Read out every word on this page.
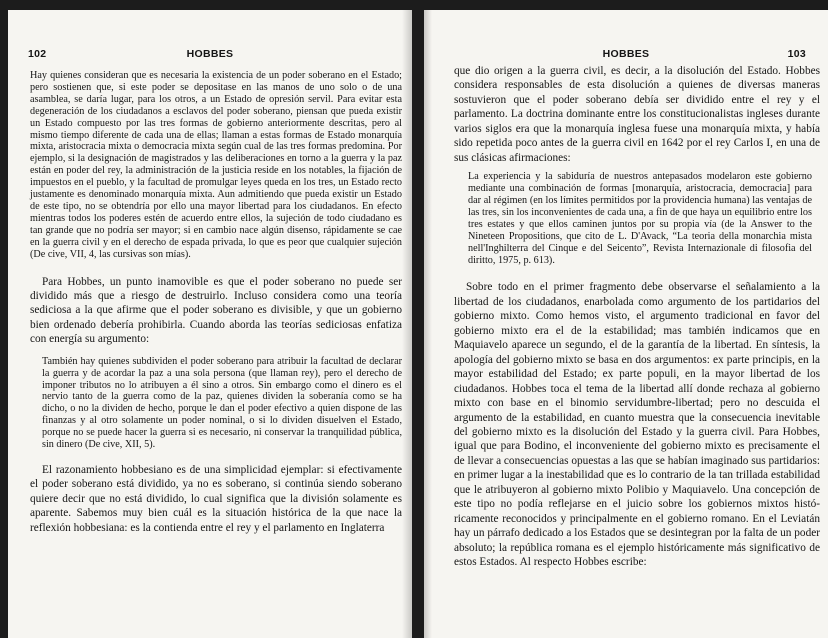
102	HOBBES

Hay quienes consideran que es necesaria la existencia de un poder soberano en el Estado; pero sostienen que, si este poder se depositase en las manos de uno solo o de una asamblea, se daría lugar, para los otros, a un Estado de opresión servil. Para evitar esta degeneración de los ciudadanos a esclavos del poder soberano, piensan que pueda existir un Estado compuesto por las tres formas de gobierno anteriormente descritas, pero al mismo tiempo diferente de cada una de ellas; llaman a estas formas de Estado monarquía mixta, aristocracia mixta o democracia mixta según cual de las tres formas predomina. Por ejemplo, si la designación de magistrados y las deliberaciones en torno a la guerra y la paz están en poder del rey, la administración de la justicia reside en los notables, la fijación de impuestos en el pueblo, y la facultad de promulgar leyes queda en los tres, un Estado recto justamente es denominado monarquía mixta. Aun admitiendo que pueda existir un Estado de este tipo, no se obtendría por ello una mayor libertad para los ciudadanos. En efecto mientras todos los poderes estén de acuerdo entre ellos, la sujeción de todo ciudadano es tan grande que no podría ser mayor; si en cambio nace algún disenso, rápidamente se cae en la guerra civil y en el derecho de espada privada, lo que es peor que cualquier sujeción (De cive, VII, 4, las cursivas son mías).

Para Hobbes, un punto inamovible es que el poder soberano no puede ser dividido más que a riesgo de destruirlo. Incluso considera como una teoría sediciosa a la que afirme que el poder soberano es divisible, y que un gobierno bien ordenado debería prohibirla. Cuando aborda las teorías sediciosas enfatiza con energía su argumento:

También hay quienes subdividen el poder soberano para atribuir la facultad de declarar la guerra y de acordar la paz a una sola persona (que llaman rey), pero el derecho de imponer tributos no lo atribuyen a él sino a otros. Sin embargo como el dinero es el nervio tanto de la guerra como de la paz, quienes dividen la soberanía como se ha dicho, o no la dividen de hecho, porque le dan el poder efectivo a quien dispone de las finanzas y al otro solamente un poder nominal, o si lo dividen disuelven el Estado, porque no se puede hacer la guerra si es necesario, ni conservar la tranquilidad pública, sin dinero (De cive, XII, 5).

El razonamiento hobbesiano es de una simplicidad ejemplar: si efectivamente el poder soberano está dividido, ya no es soberano, si continúa siendo soberano quiere decir que no está dividido, lo cual significa que la división solamente es aparente. Sabemos muy bien cuál es la situación histórica de la que nace la reflexión hobbesiana: es la contienda entre el rey y el parlamento en Inglaterra

HOBBES	103

que dio origen a la guerra civil, es decir, a la disolución del Estado. Hobbes considera responsables de esta disolución a quienes de diversas maneras sostuvieron que el poder soberano debía ser dividido entre el rey y el parlamento. La doctrina dominante entre los constitucionalistas ingleses durante varios siglos era que la monarquía inglesa fuese una monarquía mixta, y había sido repetida poco antes de la guerra civil en 1642 por el rey Carlos I, en una de sus clásicas afirmaciones:

La experiencia y la sabiduría de nuestros antepasados modelaron este gobierno mediante una combinación de formas [monarquía, aristocracia, democracia] para dar al régimen (en los límites permitidos por la providencia humana) las ventajas de las tres, sin los inconvenientes de cada una, a fin de que haya un equilibrio entre los tres estates y que ellos caminen juntos por su propia vía (de la Answer to the Nineteen Propositions, que cito de L. D'Avack, “La teoria della monarchia mista nell'Inghilterra del Cinque e del Seicento”, Revista Internazionale di filosofia del diritto, 1975, p. 613).

Sobre todo en el primer fragmento debe observarse el señalamiento a la libertad de los ciudadanos, enarbolada como argumento de los partidarios del gobierno mixto. Como hemos visto, el argumento tradicional en favor del gobierno mixto era el de la estabilidad; mas también indicamos que en Maquiavelo aparece un segundo, el de la garantía de la libertad. En síntesis, la apología del gobierno mixto se basa en dos argumentos: ex parte principis, en la mayor estabilidad del Estado; ex parte populi, en la mayor libertad de los ciudadanos. Hobbes toca el tema de la libertad allí donde rechaza al gobierno mixto con base en el binomio servidumbre-libertad; pero no descuida el argumento de la estabilidad, en cuanto muestra que la consecuencia inevitable del gobierno mixto es la disolución del Estado y la guerra civil. Para Hobbes, igual que para Bodino, el inconveniente del gobierno mixto es precisamente el de llevar a consecuencias opuestas a las que se habían imaginado sus partidarios: en primer lugar a la inestabilidad que es lo contrario de la tan trillada estabilidad que le atribuyeron al gobierno mixto Polibio y Maquiavelo. Una concepción de este tipo no podía reflejarse en el juicio sobre los gobiernos mixtos históricamente reconocidos y principalmente en el gobierno romano. En el Leviatán hay un párrafo dedicado a los Estados que se desintegran por la falta de un poder absoluto; la república romana es el ejemplo históricamente más significativo de estos Estados. Al respecto Hobbes escribe:
